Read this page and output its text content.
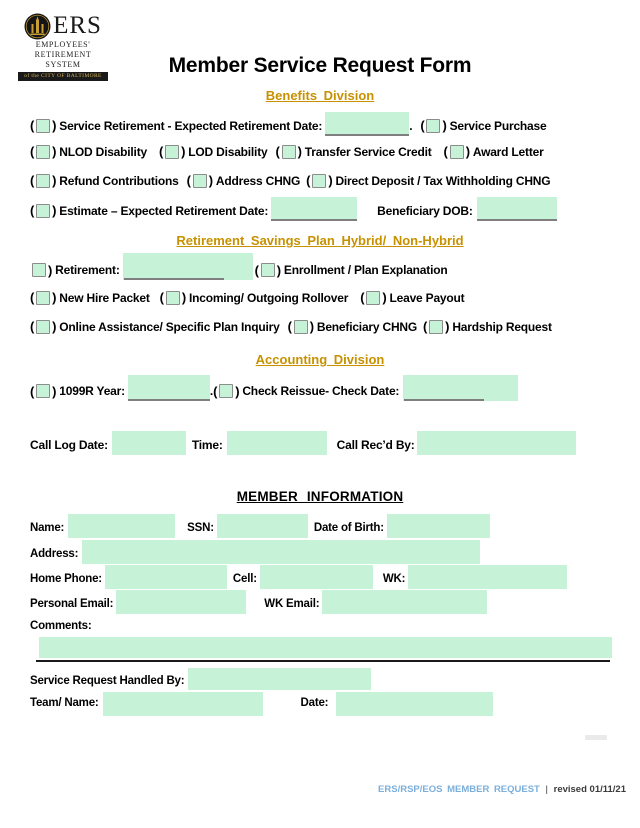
ERS
EMPLOYEES'
RETIREMENT
SYSTEM
of the CITY OF BALTIMORE	Member Service Request Form
Benefits Division
( ) Service Retirement - Expected Retirement Date:	. ( ) Service Purchase
( ) NLOD Disability ( ) LOD Disability ( ) Transfer Service Credit ( ) Award Letter
( ) Refund Contributions ( ) Address CHNG ( ) Direct Deposit / Tax Withholding CHNG
( ) Estimate – Expected Retirement Date:	Beneficiary DOB:
Retirement Savings Plan Hybrid/ Non-Hybrid
) Retirement:	( ) Enrollment / Plan Explanation
( ) New Hire Packet ( ) Incoming/ Outgoing Rollover ( ) Leave Payout
( ) Online Assistance/ Specific Plan Inquiry ( ) Beneficiary CHNG ( ) Hardship Request
Accounting Division
( ) 1099R Year:	. ( ) Check Reissue- Check Date:
Call Log Date:	Time:	Call Rec’d By:
MEMBER INFORMATION
Name:	SSN:	Date of Birth:
Address:
Home Phone:	Cell:	WK:
Personal Email:	WK Email:
Comments:
Service Request Handled By:
Team/ Name:	Date:
ERS/RSP/EOS MEMBER REQUEST | revised 01/11/21
